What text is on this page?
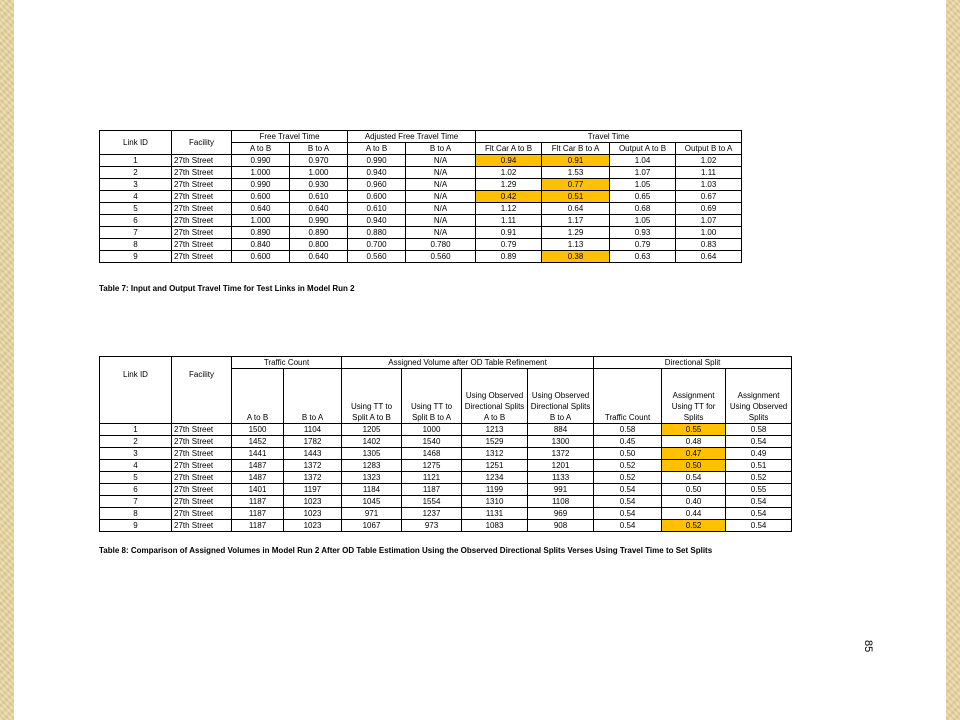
Link ID	Facility	Free Travel Time		Adjusted Free Travel Time		Travel Time			
		A to B	B to A	A to B	B to A	Flt Car A to B	Flt Car B to A	Output A to B	Output B to A
1	27th Street	0.990	0.970	0.990	N/A	0.94	0.91	1.04	1.02
2	27th Street	1.000	1.000	0.940	N/A	1.02	1.53	1.07	1.11
3	27th Street	0.990	0.930	0.960	N/A	1.29	0.77	1.05	1.03
4	27th Street	0.600	0.610	0.600	N/A	0.42	0.51	0.65	0.67
5	27th Street	0.640	0.640	0.610	N/A	1.12	0.64	0.68	0.69
6	27th Street	1.000	0.990	0.940	N/A	1.11	1.17	1.05	1.07
7	27th Street	0.890	0.890	0.880	N/A	0.91	1.29	0.93	1.00
8	27th Street	0.840	0.800	0.700	0.780	0.79	1.13	0.79	0.83
9	27th Street	0.600	0.640	0.560	0.560	0.89	0.38	0.63	0.64
Table 7: Input and Output Travel Time for Test Links in Model Run 2
Link ID	Facility	Traffic Count		Assigned Volume after OD Table Refinement				Directional Split		
		A to B	B to A	Using TT to Split A to B	Using TT to Split B to A	Using Observed Directional Splits A to B	Using Observed Directional Splits B to A	Traffic Count	Assignment Using TT for Splits	Assignment Using Observed Splits
1	27th Street	1500	1104	1205	1000	1213	884	0.58	0.55	0.58
2	27th Street	1452	1782	1402	1540	1529	1300	0.45	0.48	0.54
3	27th Street	1441	1443	1305	1468	1312	1372	0.50	0.47	0.49
4	27th Street	1487	1372	1283	1275	1251	1201	0.52	0.50	0.51
5	27th Street	1487	1372	1323	1121	1234	1133	0.52	0.54	0.52
6	27th Street	1401	1197	1184	1187	1199	991	0.54	0.50	0.55
7	27th Street	1187	1023	1045	1554	1310	1108	0.54	0.40	0.54
8	27th Street	1187	1023	971	1237	1131	969	0.54	0.44	0.54
9	27th Street	1187	1023	1067	973	1083	908	0.54	0.52	0.54
Table 8: Comparison of Assigned Volumes in Model Run 2 After OD Table Estimation Using the Observed Directional Splits Verses Using Travel Time to Set Splits
85
